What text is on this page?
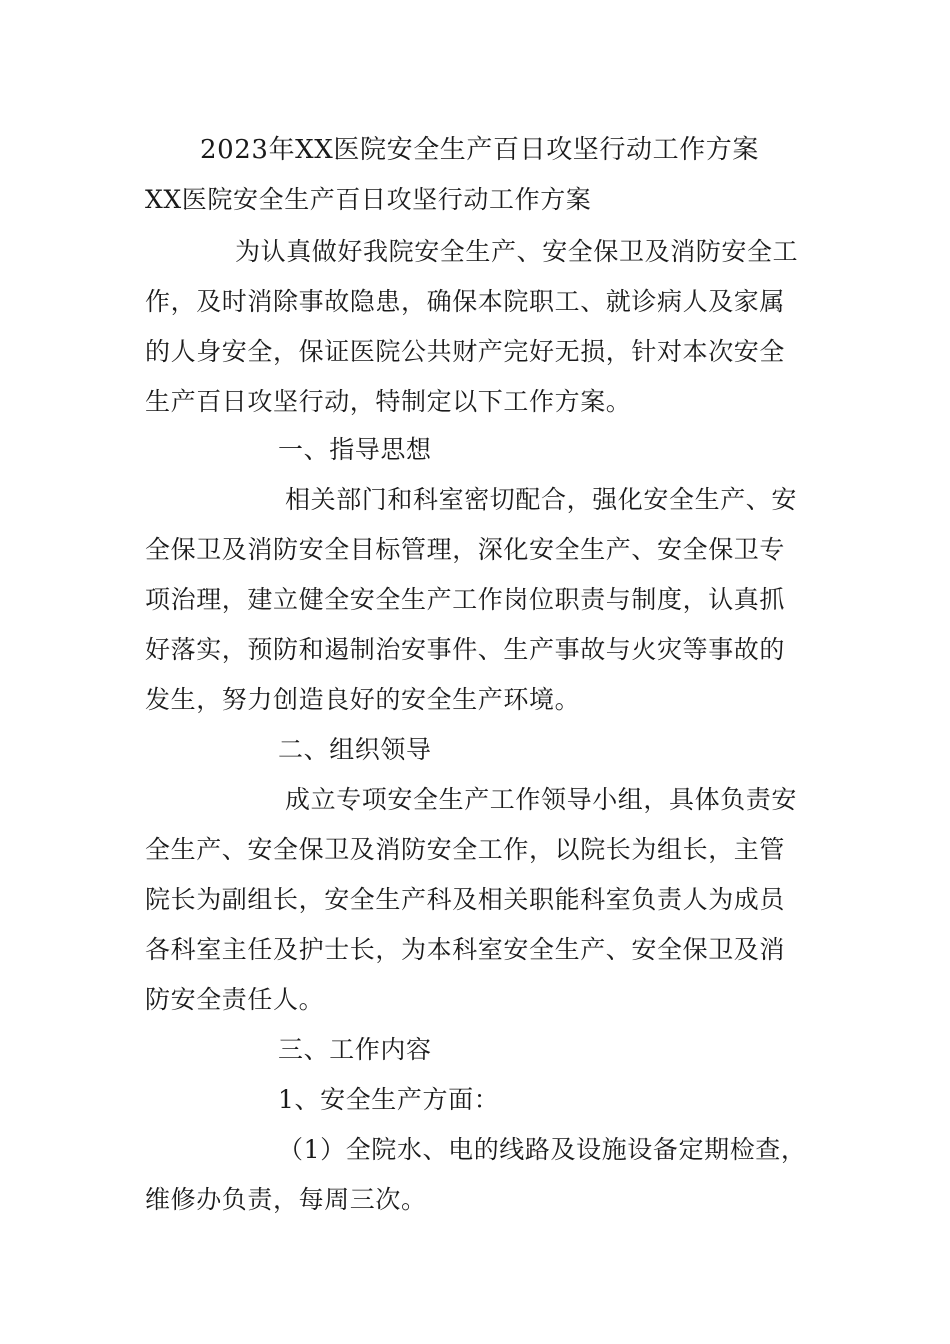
2023年XX医院安全生产百日攻坚行动工作方案
XX医院安全生产百日攻坚行动工作方案
为认真做好我院安全生产、安全保卫及消防安全工
作，及时消除事故隐患，确保本院职工、就诊病人及家属
的人身安全，保证医院公共财产完好无损，针对本次安全
生产百日攻坚行动，特制定以下工作方案。
一、指导思想
相关部门和科室密切配合，强化安全生产、安
全保卫及消防安全目标管理，深化安全生产、安全保卫专
项治理，建立健全安全生产工作岗位职责与制度，认真抓
好落实，预防和遏制治安事件、生产事故与火灾等事故的
发生，努力创造良好的安全生产环境。
二、组织领导
成立专项安全生产工作领导小组，具体负责安
全生产、安全保卫及消防安全工作，以院长为组长，主管
院长为副组长，安全生产科及相关职能科室负责人为成员
各科室主任及护士长，为本科室安全生产、安全保卫及消
防安全责任人。
三、工作内容
1、安全生产方面：
（1）全院水、电的线路及设施设备定期检查，
维修办负责，每周三次。
